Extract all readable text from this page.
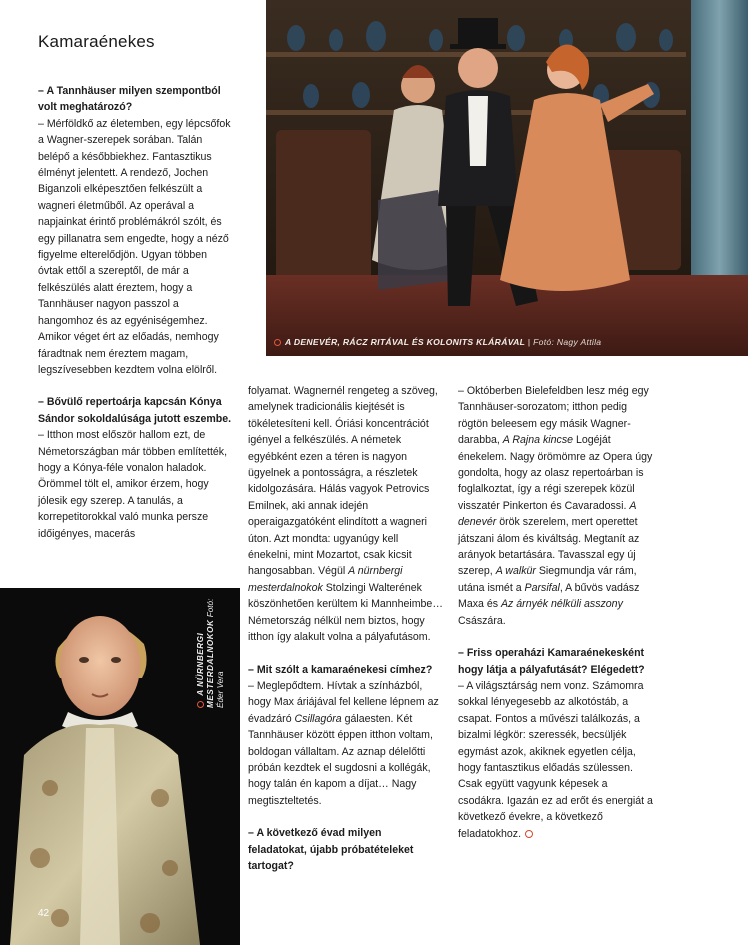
Kamaraénekes

– A Tannhäuser milyen szempontból volt meghatározó?

– Mérföldkő az életemben, egy lépcsőfok a Wagner-szerepek sorában. Talán belépő a későbbiekhez. Fantasztikus élményt jelentett. A rendező, Jochen Biganzoli elképesztően felkészült a wagneri életműből. Az operával a napjainkat érintő problémákról szólt, és egy pillanatra sem engedte, hogy a néző figyelme elterelődjön. Ugyan többen óvtak ettől a szereptől, de már a felkészülés alatt éreztem, hogy a Tannhäuser nagyon passzol a hangomhoz és az egyéniségemhez. Amikor véget ért az előadás, nemhogy fáradtnak nem éreztem magam, legszívesebben kezdtem volna elölről.

– Bővülő repertoárja kapcsán Kónya Sándor sokoldalúsága jutott eszembe.

– Itthon most először hallom ezt, de Németországban már többen említették, hogy a Kónya-féle vonalon haladok. Örömmel tölt el, amikor érzem, hogy jólesik egy szerep. A tanulás, a korrepetitorokkal való munka persze időigényes, macerás

folyamat. Wagnernél rengeteg a szöveg, amelynek tradicionális kiejtését is tökéletesíteni kell. Óriási koncentrációt igényel a felkészülés. A németek egyébként ezen a téren is nagyon ügyelnek a pontosságra, a részletek kidolgozására. Hálás vagyok Petrovics Emilnek, aki annak idején operaigazgatóként elindított a wagneri úton. Azt mondta: ugyanúgy kell énekelni, mint Mozartot, csak kicsit hangosabban. Végül A nürnbergi mesterdalnokok Stolzingi Walterének köszönhetően kerültem ki Mannheimbe… Németország nélkül nem biztos, hogy itthon így alakult volna a pályafutásom.

– Mit szólt a kamaraénekesi címhez?

– Meglepődtem. Hívtak a színházból, hogy Max áriájával fel kellene lépnem az évadzáró Csillagóra gálaesten. Két Tannhäuser között éppen itthon voltam, boldogan vállaltam. Az aznap délelőtti próbán kezdtek el sugdosni a kollégák, hogy talán én kapom a díjat… Nagy megtiszteltetés.

– A következő évad milyen feladatokat, újabb próbatételeket tartogat?

– Októberben Bielefeldben lesz még egy Tannhäuser-sorozatom; itthon pedig rögtön beleesem egy másik Wagner-darabba, A Rajna kincse Logéját énekelem. Nagy örömömre az Opera úgy gondolta, hogy az olasz repertoárban is foglalkoztat, így a régi szerepek közül visszatér Pinkerton és Cavaradossi. A denevér örök szerelem, mert operettet játszani álom és kiváltság. Megtanít az arányok betartására. Tavasszal egy új szerep, A walkür Siegmundja vár rám, utána ismét a Parsifal, A bűvös vadász Maxa és Az árnyék nélküli asszony Császára.

– Friss operaházi Kamaraénekesként hogy látja a pályafutását? Elégedett?

– A világsztárság nem vonz. Számomra sokkal lényegesebb az alkotóstáb, a csapat. Fontos a művészi találkozás, a bizalmi légkör: szeressék, becsüljék egymást azok, akiknek egyetlen célja, hogy fantasztikus előadás szülessen. Csak együtt vagyunk képesek a csodákra. Igazán ez ad erőt és energiát a következő évekre, a következő feladatokhoz.

A DENEVÉR, RÁCZ RITÁVAL ÉS KOLONITS KLÁRÁVAL | Fotó: Nagy Attila
A NÜRNBERGI MESTERDALNOKOK Fotó: Éder Vera
42
